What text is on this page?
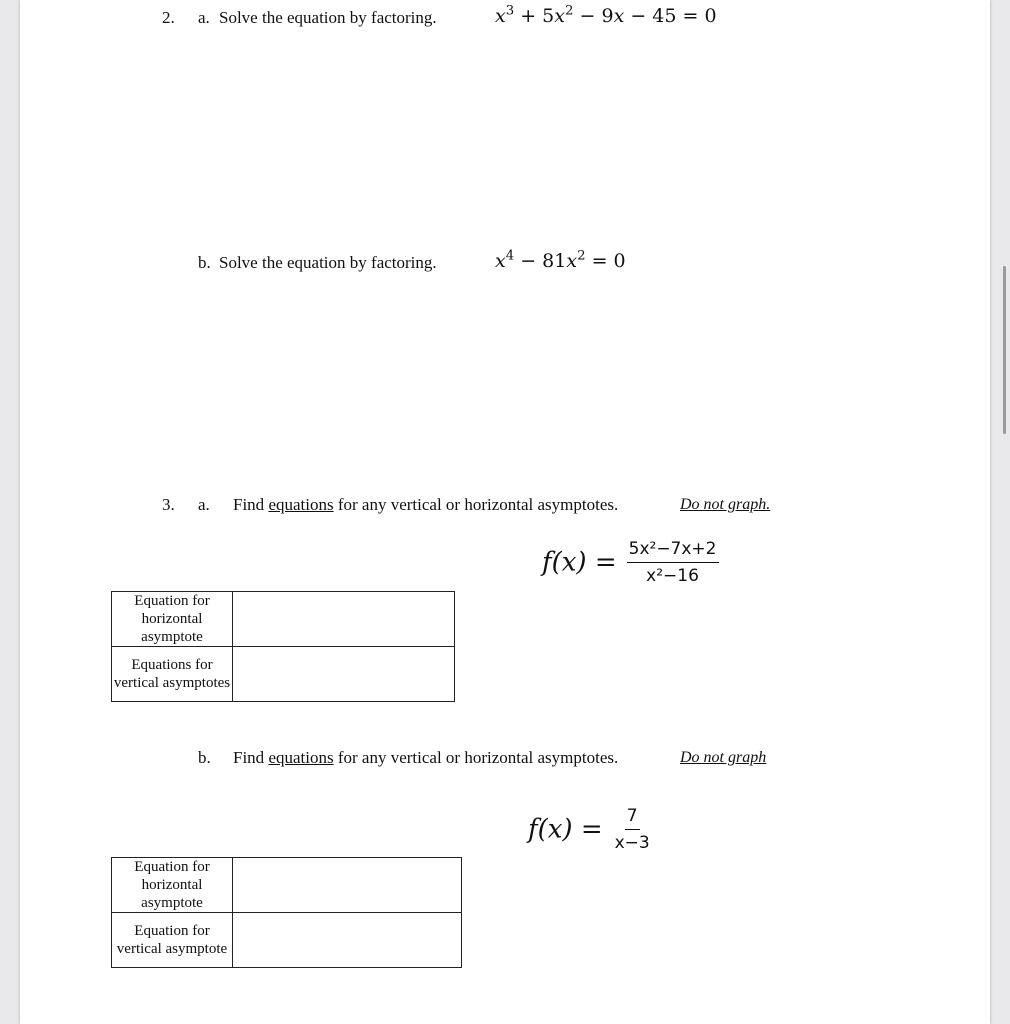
2. a. Solve the equation by factoring.	$x^3 + 5x^2 - 9x - 45 = 0$
b. Solve the equation by factoring.	$x^4 - 81x^2 = 0$
3. a. Find equations for any vertical or horizontal asymptotes.	Do not graph.
$f(x) = \frac{\text{5x²−7x+2}}{\text{x²−16}}$
Equation for horizontal asymptote	
Equations for vertical asymptotes	
b. Find equations for any vertical or horizontal asymptotes.	Do not graph
$f(x) = \frac{7}{x-3}$
Equation for horizontal asymptote	
Equation for vertical asymptote	
